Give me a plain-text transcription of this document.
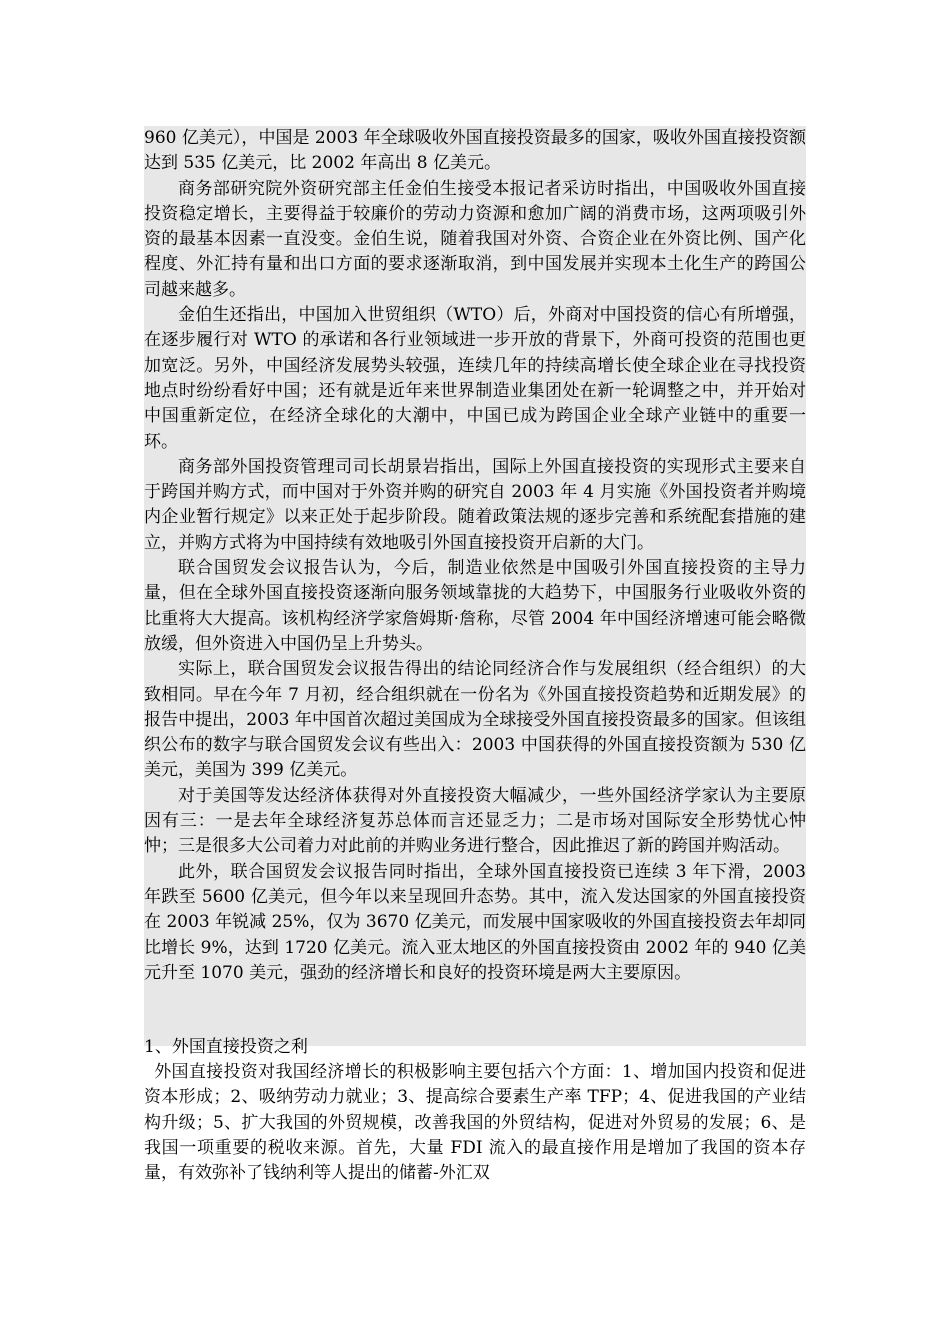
960 亿美元），中国是 2003 年全球吸收外国直接投资最多的国家，吸收外国直接投资额达到 535 亿美元，比 2002 年高出 8 亿美元。

商务部研究院外资研究部主任金伯生接受本报记者采访时指出，中国吸收外国直接投资稳定增长，主要得益于较廉价的劳动力资源和愈加广阔的消费市场，这两项吸引外资的最基本因素一直没变。金伯生说，随着我国对外资、合资企业在外资比例、国产化程度、外汇持有量和出口方面的要求逐渐取消，到中国发展并实现本土化生产的跨国公司越来越多。

金伯生还指出，中国加入世贸组织（WTO）后，外商对中国投资的信心有所增强，在逐步履行对 WTO 的承诺和各行业领域进一步开放的背景下，外商可投资的范围也更加宽泛。另外，中国经济发展势头较强，连续几年的持续高增长使全球企业在寻找投资地点时纷纷看好中国；还有就是近年来世界制造业集团处在新一轮调整之中，并开始对中国重新定位，在经济全球化的大潮中，中国已成为跨国企业全球产业链中的重要一环。

商务部外国投资管理司司长胡景岩指出，国际上外国直接投资的实现形式主要来自于跨国并购方式，而中国对于外资并购的研究自 2003 年 4 月实施《外国投资者并购境内企业暂行规定》以来正处于起步阶段。随着政策法规的逐步完善和系统配套措施的建立，并购方式将为中国持续有效地吸引外国直接投资开启新的大门。

联合国贸发会议报告认为，今后，制造业依然是中国吸引外国直接投资的主导力量，但在全球外国直接投资逐渐向服务领域靠拢的大趋势下，中国服务行业吸收外资的比重将大大提高。该机构经济学家詹姆斯·詹称，尽管 2004 年中国经济增速可能会略微放缓，但外资进入中国仍呈上升势头。

实际上，联合国贸发会议报告得出的结论同经济合作与发展组织（经合组织）的大致相同。早在今年 7 月初，经合组织就在一份名为《外国直接投资趋势和近期发展》的报告中提出，2003 年中国首次超过美国成为全球接受外国直接投资最多的国家。但该组织公布的数字与联合国贸发会议有些出入：2003 中国获得的外国直接投资额为 530 亿美元，美国为 399 亿美元。

对于美国等发达经济体获得对外直接投资大幅减少，一些外国经济学家认为主要原因有三：一是去年全球经济复苏总体而言还显乏力；二是市场对国际安全形势忧心忡忡；三是很多大公司着力对此前的并购业务进行整合，因此推迟了新的跨国并购活动。

此外，联合国贸发会议报告同时指出，全球外国直接投资已连续 3 年下滑，2003 年跌至 5600 亿美元，但今年以来呈现回升态势。其中，流入发达国家的外国直接投资在 2003 年锐减 25%，仅为 3670 亿美元，而发展中国家吸收的外国直接投资去年却同比增长 9%，达到 1720 亿美元。流入亚太地区的外国直接投资由 2002 年的 940 亿美元升至 1070 美元，强劲的经济增长和良好的投资环境是两大主要原因。

1、外国直接投资之利

外国直接投资对我国经济增长的积极影响主要包括六个方面：1、增加国内投资和促进资本形成；2、吸纳劳动力就业；3、提高综合要素生产率 TFP；4、促进我国的产业结构升级；5、扩大我国的外贸规模，改善我国的外贸结构，促进对外贸易的发展；6、是我国一项重要的税收来源。首先，大量 FDI 流入的最直接作用是增加了我国的资本存量，有效弥补了钱纳利等人提出的储蓄-外汇双
